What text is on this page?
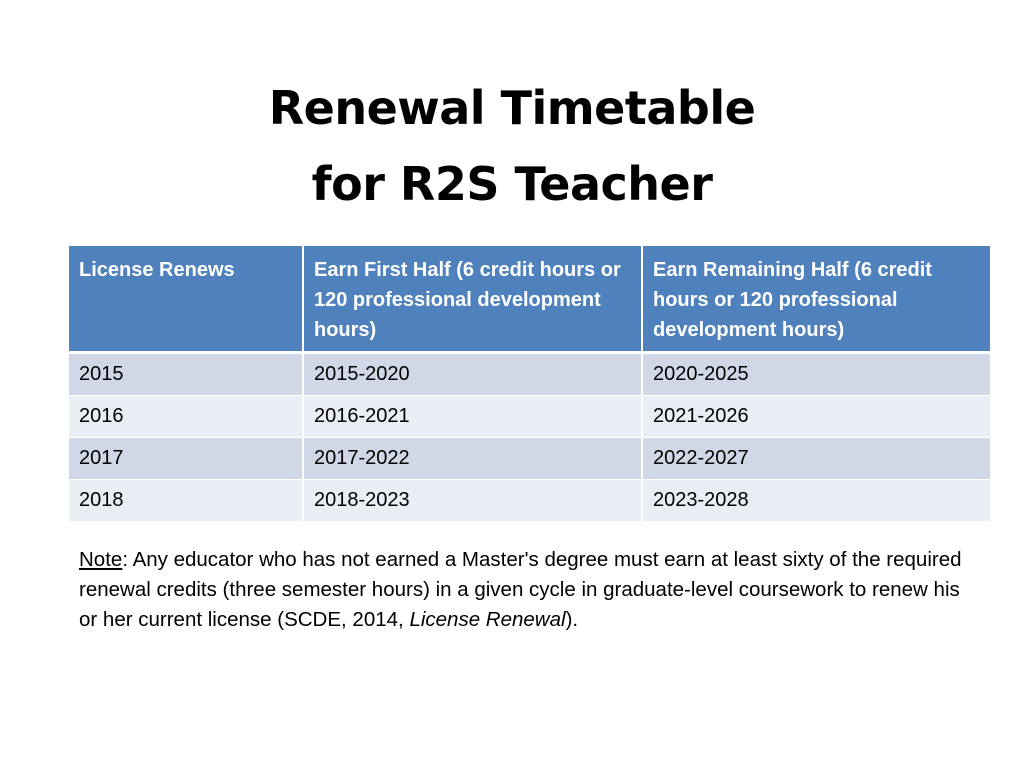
Renewal Timetable
for R2S Teacher
License Renews	Earn First Half (6 credit hours or 120 professional development hours)	Earn Remaining Half (6 credit hours or 120 professional development hours)
2015	2015-2020	2020-2025
2016	2016-2021	2021-2026
2017	2017-2022	2022-2027
2018	2018-2023	2023-2028
Note: Any educator who has not earned a Master's degree must earn at least sixty of the required renewal credits (three semester hours) in a given cycle in graduate-level coursework to renew his or her current license (SCDE, 2014, License Renewal).
